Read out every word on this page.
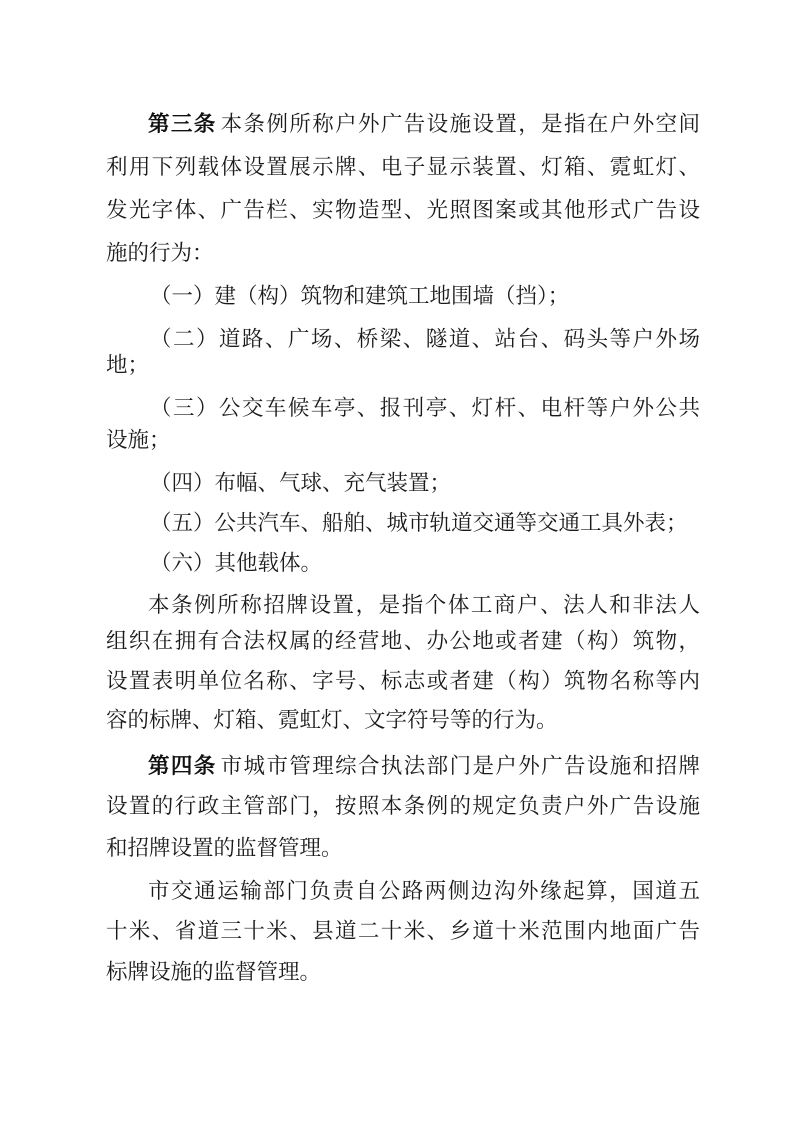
第三条 本条例所称户外广告设施设置，是指在户外空间
利用下列载体设置展示牌、电子显示装置、灯箱、霓虹灯、
发光字体、广告栏、实物造型、光照图案或其他形式广告设
施的行为：
（一）建（构）筑物和建筑工地围墙（挡）；
（二）道路、广场、桥梁、隧道、站台、码头等户外场
地；
（三）公交车候车亭、报刊亭、灯杆、电杆等户外公共
设施；
（四）布幅、气球、充气装置；
（五）公共汽车、船舶、城市轨道交通等交通工具外表；
（六）其他载体。
本条例所称招牌设置，是指个体工商户、法人和非法人
组织在拥有合法权属的经营地、办公地或者建（构）筑物，
设置表明单位名称、字号、标志或者建（构）筑物名称等内
容的标牌、灯箱、霓虹灯、文字符号等的行为。
第四条 市城市管理综合执法部门是户外广告设施和招牌
设置的行政主管部门，按照本条例的规定负责户外广告设施
和招牌设置的监督管理。
市交通运输部门负责自公路两侧边沟外缘起算，国道五
十米、省道三十米、县道二十米、乡道十米范围内地面广告
标牌设施的监督管理。
